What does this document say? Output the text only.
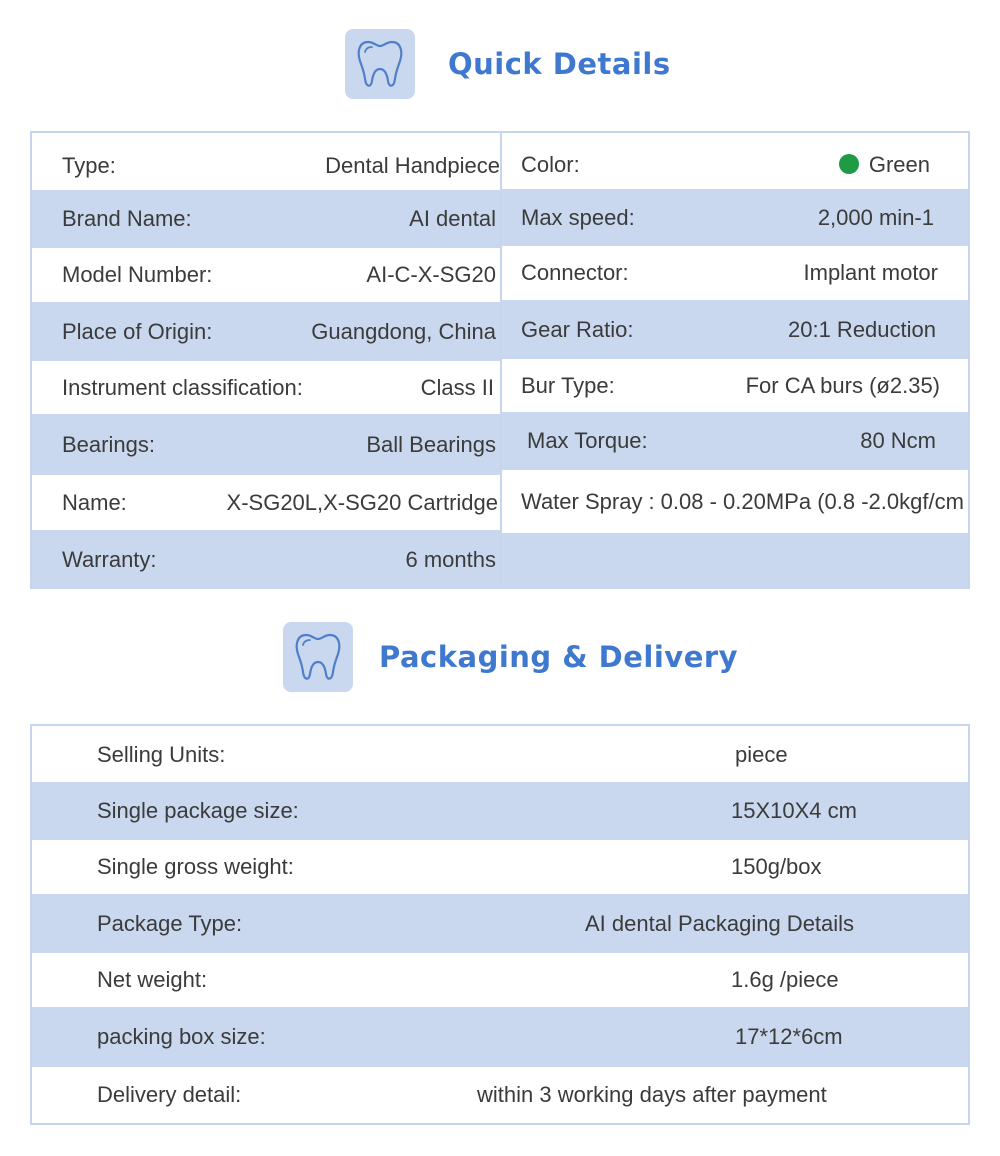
Quick Details
Type:	Dental Handpiece
Brand Name:	AI dental
Model Number:	AI-C-X-SG20
Place of Origin:	Guangdong, China
Instrument classification:	Class II
Bearings:	Ball Bearings
Name:	X-SG20L,X-SG20 Cartridge
Warranty:	6 months
Color:	Green
Max speed:	2,000 min-1
Connector:	Implant motor
Gear Ratio:	20:1 Reduction
Bur Type:	For CA burs (ø2.35)
Max Torque:	80 Ncm
Water Spray : 0.08 - 0.20MPa (0.8 -2.0kgf/cm
Packaging & Delivery
Selling Units:	piece
Single package size:	15X10X4 cm
Single gross weight:	150g/box
Package Type:	AI dental Packaging Details
Net weight:	1.6g /piece
packing box size:	17*12*6cm
Delivery detail:	within 3 working days after payment
